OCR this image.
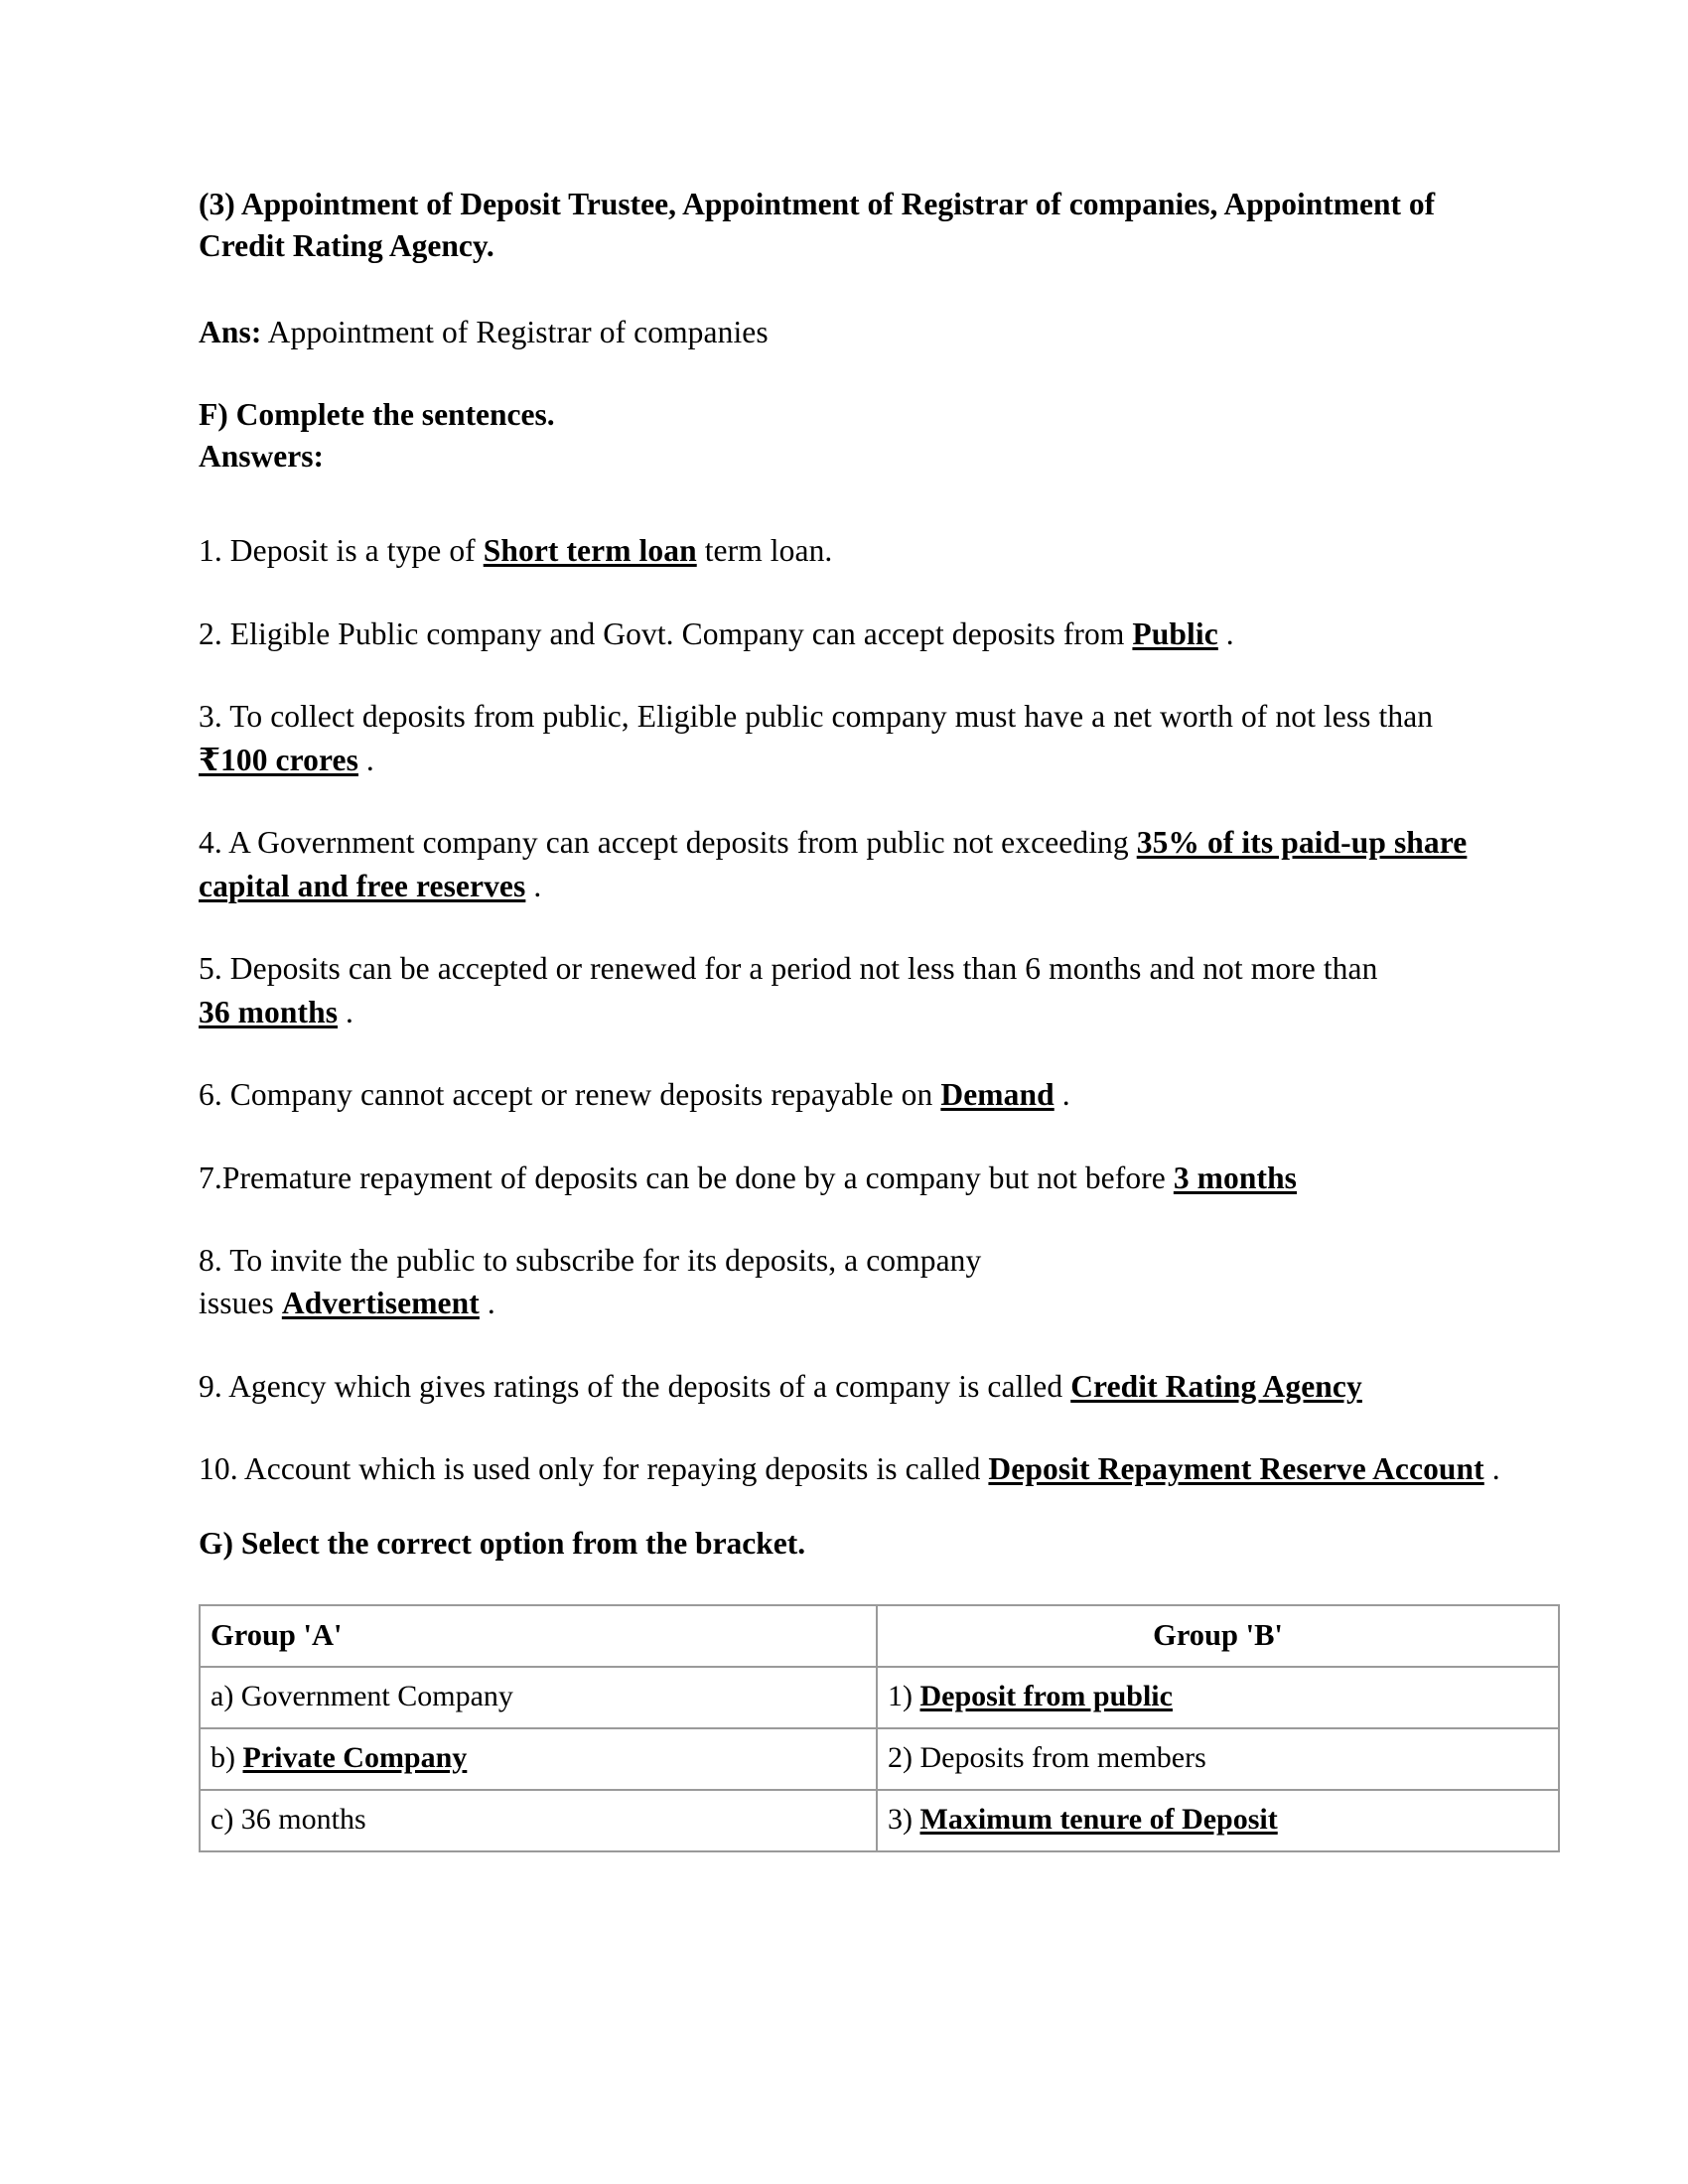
(3) Appointment of Deposit Trustee, Appointment of Registrar of companies, Appointment of Credit Rating Agency.

Ans: Appointment of Registrar of companies

F) Complete the sentences.
Answers:

1. Deposit is a type of Short term loan term loan.

2. Eligible Public company and Govt. Company can accept deposits from Public .

3. To collect deposits from public, Eligible public company must have a net worth of not less than ₹100 crores .

4. A Government company can accept deposits from public not exceeding 35% of its paid-up share capital and free reserves .

5. Deposits can be accepted or renewed for a period not less than 6 months and not more than 36 months .

6. Company cannot accept or renew deposits repayable on Demand .

7.Premature repayment of deposits can be done by a company but not before 3 months

8. To invite the public to subscribe for its deposits, a company
issues Advertisement .

9. Agency which gives ratings of the deposits of a company is called Credit Rating Agency

10. Account which is used only for repaying deposits is called Deposit Repayment Reserve Account .

G) Select the correct option from the bracket.

Group 'A'	Group 'B'
a) Government Company	1) Deposit from public
b) Private Company	2) Deposits from members
c) 36 months	3) Maximum tenure of Deposit
